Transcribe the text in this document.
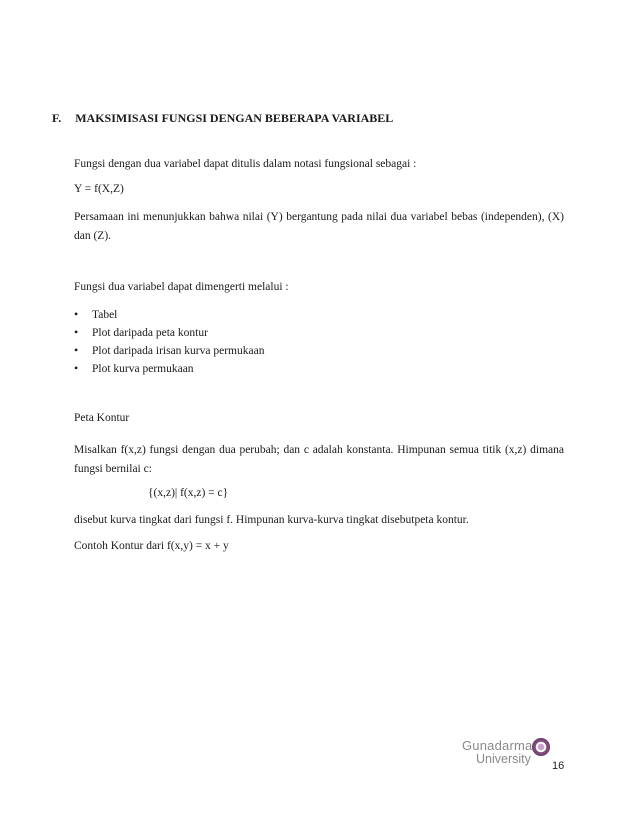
F. MAKSIMISASI FUNGSI DENGAN BEBERAPA VARIABEL
Fungsi dengan dua variabel dapat ditulis dalam notasi fungsional sebagai :
Y = f(X,Z)
Persamaan ini menunjukkan bahwa nilai (Y) bergantung pada nilai dua variabel bebas (independen), (X) dan (Z).
Fungsi dua variabel dapat dimengerti melalui :
• Tabel
• Plot daripada peta kontur
• Plot daripada irisan kurva permukaan
• Plot kurva permukaan
Peta Kontur
Misalkan f(x,z) fungsi dengan dua perubah; dan c adalah konstanta. Himpunan semua titik (x,z) dimana fungsi bernilai c:
{(x,z)| f(x,z) = c}
disebut kurva tingkat dari fungsi f. Himpunan kurva-kurva tingkat disebutpeta kontur.
Contoh Kontur dari f(x,y) = x + y
Gunadarma
University 16
